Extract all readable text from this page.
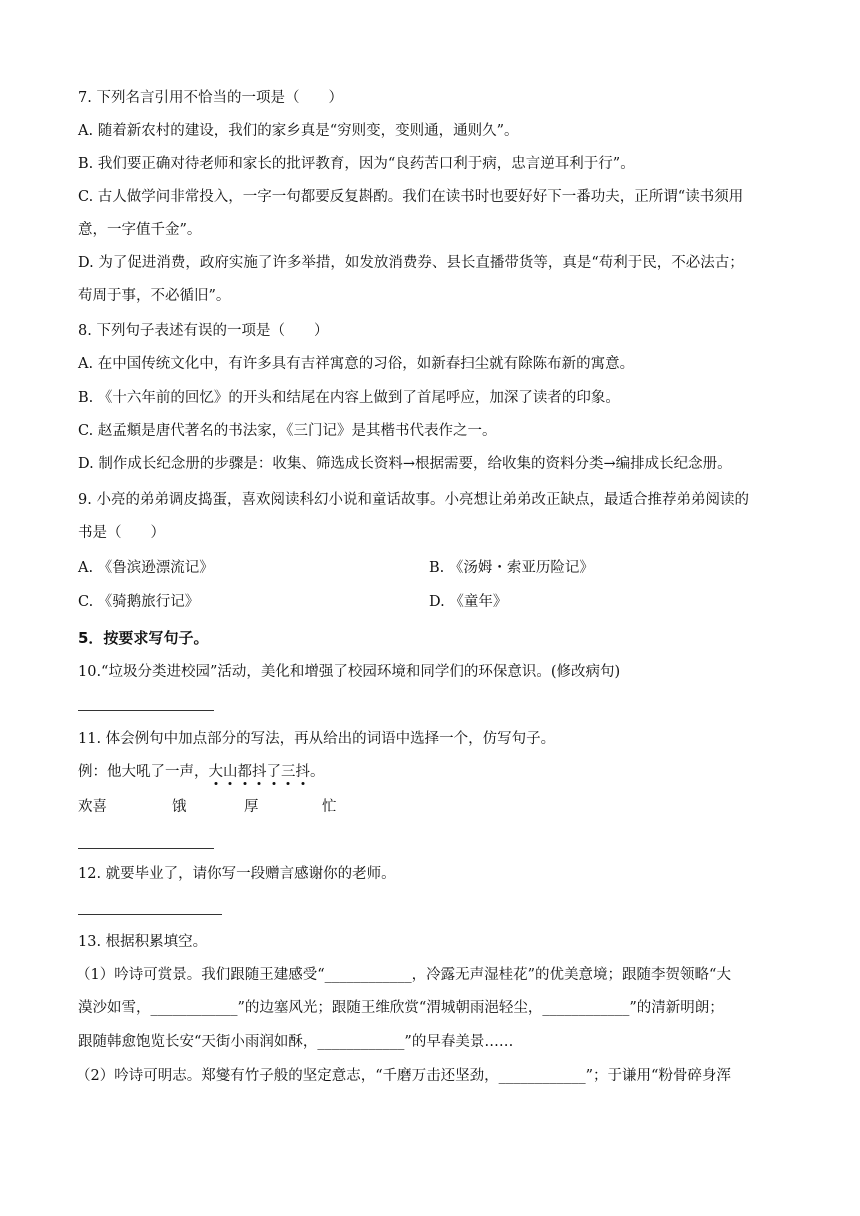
7. 下列名言引用不恰当的一项是（　　）
A. 随着新农村的建设，我们的家乡真是“穷则变，变则通，通则久”。
B. 我们要正确对待老师和家长的批评教育，因为“良药苦口利于病，忠言逆耳利于行”。
C. 古人做学问非常投入，一字一句都要反复斟酌。我们在读书时也要好好下一番功夫，正所谓“读书须用
意，一字值千金”。
D. 为了促进消费，政府实施了许多举措，如发放消费券、县长直播带货等，真是“苟利于民，不必法古；
苟周于事，不必循旧”。
8. 下列句子表述有误的一项是（　　）
A. 在中国传统文化中，有许多具有吉祥寓意的习俗，如新春扫尘就有除陈布新的寓意。
B. 《十六年前的回忆》的开头和结尾在内容上做到了首尾呼应，加深了读者的印象。
C. 赵孟頫是唐代著名的书法家，《三门记》是其楷书代表作之一。
D. 制作成长纪念册的步骤是：收集、筛选成长资料→根据需要，给收集的资料分类→编排成长纪念册。
9. 小亮的弟弟调皮捣蛋，喜欢阅读科幻小说和童话故事。小亮想让弟弟改正缺点，最适合推荐弟弟阅读的
书是（　　）
A. 《鲁滨逊漂流记》	B. 《汤姆・索亚历险记》
C. 《骑鹅旅行记》	D. 《童年》
5．按要求写句子。
10.“垃圾分类进校园”活动，美化和增强了校园环境和同学们的环保意识。(修改病句)
11. 体会例句中加点部分的写法，再从给出的词语中选择一个，仿写句子。
例：他大吼了一声，大
山
都
抖
了
三
抖
。
欢喜	饿	厚	忙
12. 就要毕业了，请你写一段赠言感谢你的老师。
13. 根据积累填空。
（1）吟诗可赏景。我们跟随王建感受“____________，冷露无声湿桂花”的优美意境；跟随李贺领略“大
漠沙如雪，____________”的边塞风光；跟随王维欣赏“渭城朝雨浥轻尘，____________”的清新明朗；
跟随韩愈饱览长安“天街小雨润如酥，____________”的早春美景……
（2）吟诗可明志。郑燮有竹子般的坚定意志，“千磨万击还坚劲，____________”；于谦用“粉骨碎身浑
